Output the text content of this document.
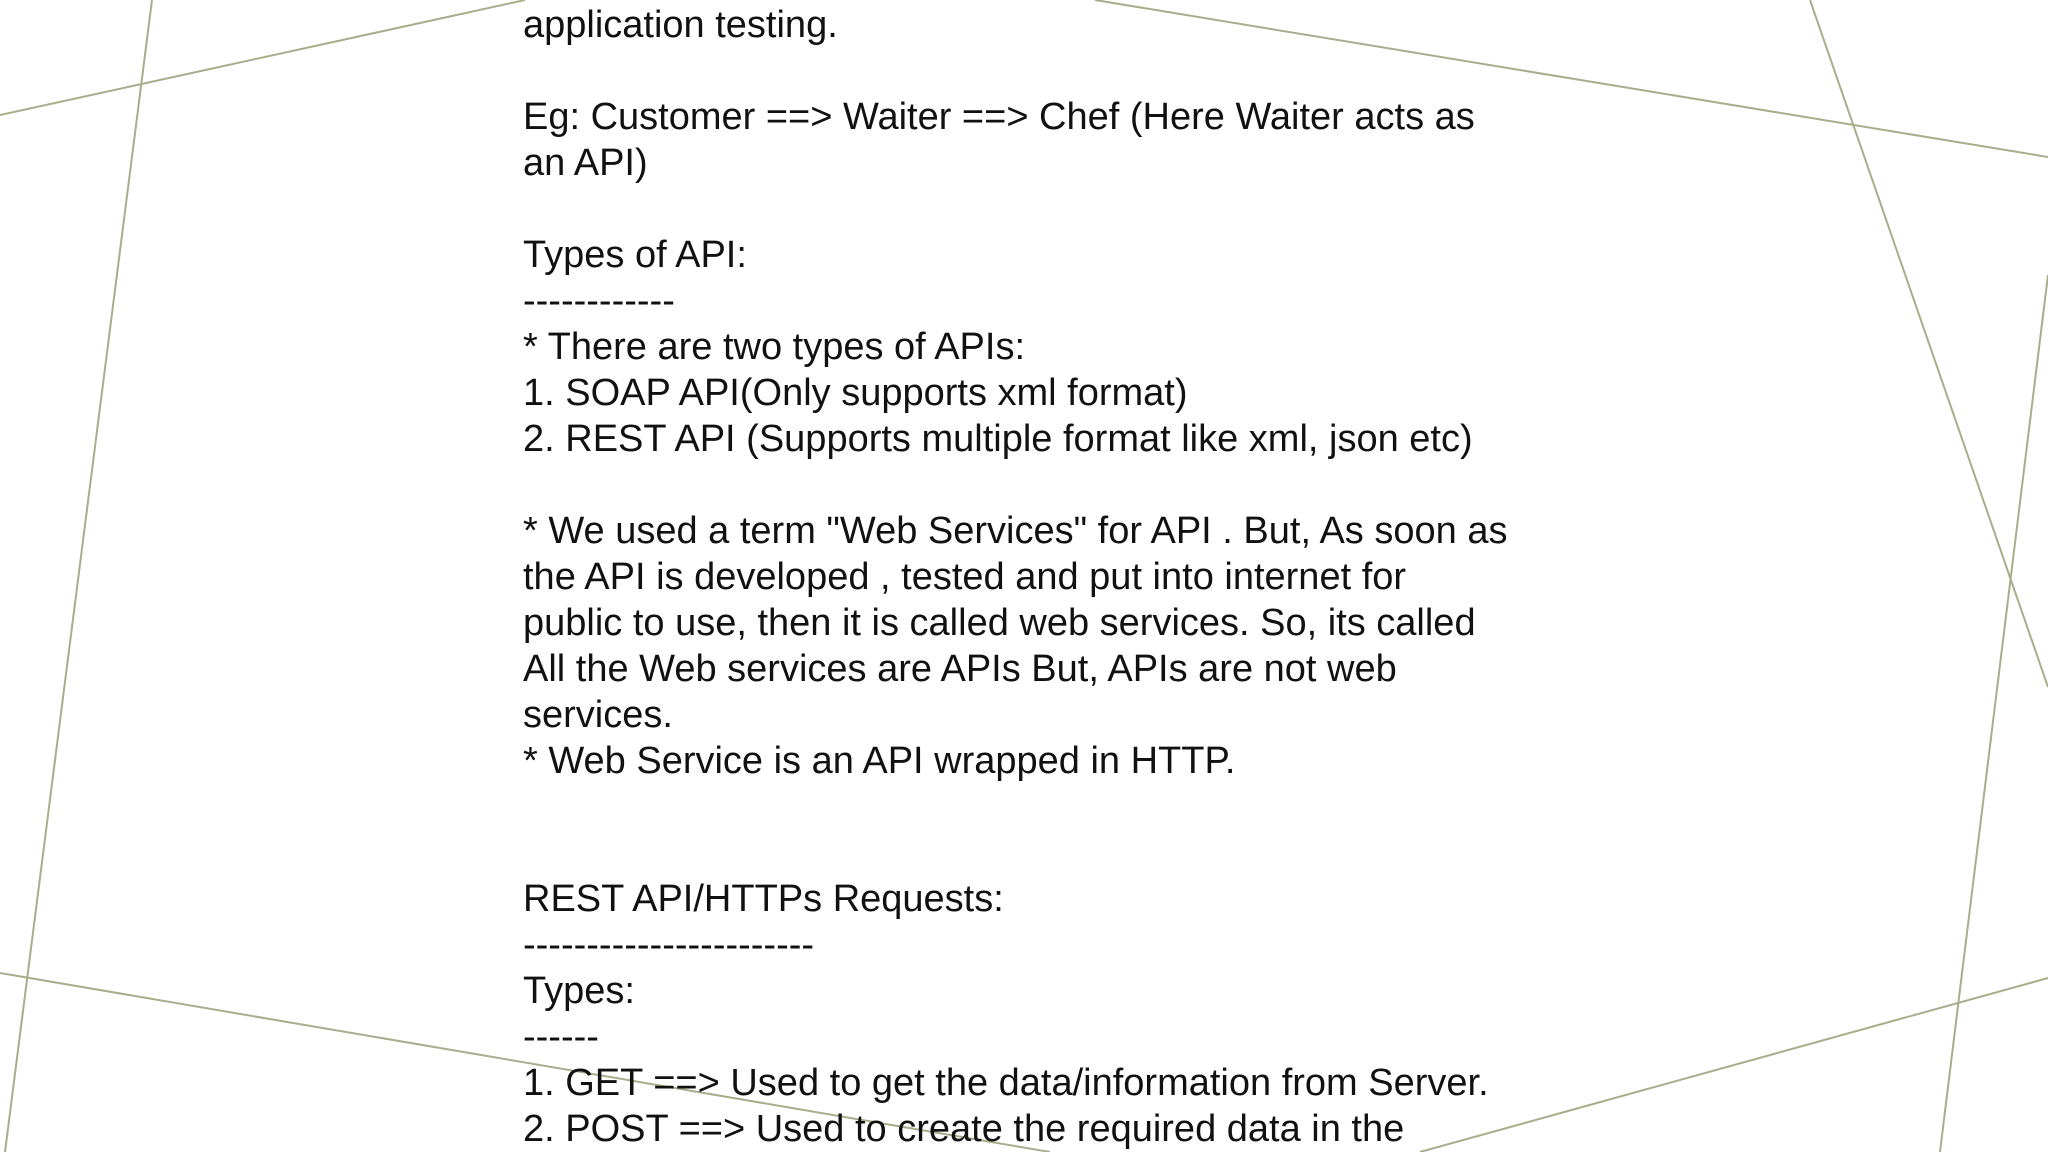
application testing.
Eg: Customer ==> Waiter ==> Chef (Here Waiter acts as
an API)
Types of API:
------------
* There are two types of APIs:
1. SOAP API(Only supports xml format)
2. REST API (Supports multiple format like xml, json etc)
* We used a term "Web Services" for API . But, As soon as
the API is developed , tested and put into internet for
public to use, then it is called web services. So, its called
All the Web services are APIs But, APIs are not web
services.
* Web Service is an API wrapped in HTTP.
REST API/HTTPs Requests:
-----------------------
Types:
------
1. GET ==> Used to get the data/information from Server.
2. POST ==> Used to create the required data in the
